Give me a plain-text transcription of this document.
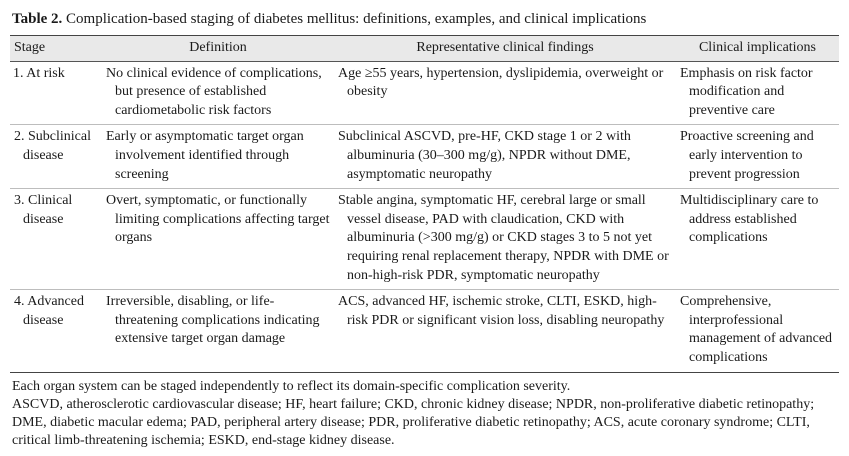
Table 2. Complication-based staging of diabetes mellitus: definitions, examples, and clinical implications
Stage	Definition	Representative clinical findings	Clinical implications
1. At risk	No clinical evidence of complications, but presence of established cardiometabolic risk factors	Age ≥55 years, hypertension, dyslipidemia, overweight or obesity	Emphasis on risk factor modification and preventive care
2. Subclinical disease	Early or asymptomatic target organ involvement identified through screening	Subclinical ASCVD, pre-HF, CKD stage 1 or 2 with albuminuria (30–300 mg/g), NPDR without DME, asymptomatic neuropathy	Proactive screening and early intervention to prevent progression
3. Clinical disease	Overt, symptomatic, or functionally limiting complications affecting target organs	Stable angina, symptomatic HF, cerebral large or small vessel disease, PAD with claudication, CKD with albuminuria (>300 mg/g) or CKD stages 3 to 5 not yet requiring renal replacement therapy, NPDR with DME or non-high-risk PDR, symptomatic neuropathy	Multidisciplinary care to address established complications
4. Advanced disease	Irreversible, disabling, or life-threatening complications indicating extensive target organ damage	ACS, advanced HF, ischemic stroke, CLTI, ESKD, high-risk PDR or significant vision loss, disabling neuropathy	Comprehensive, interprofessional management of advanced complications

Each organ system can be staged independently to reflect its domain-specific complication severity.

ASCVD, atherosclerotic cardiovascular disease; HF, heart failure; CKD, chronic kidney disease; NPDR, non-proliferative diabetic retinopathy; DME, diabetic macular edema; PAD, peripheral artery disease; PDR, proliferative diabetic retinopathy; ACS, acute coronary syndrome; CLTI, critical limb-threatening ischemia; ESKD, end-stage kidney disease.
